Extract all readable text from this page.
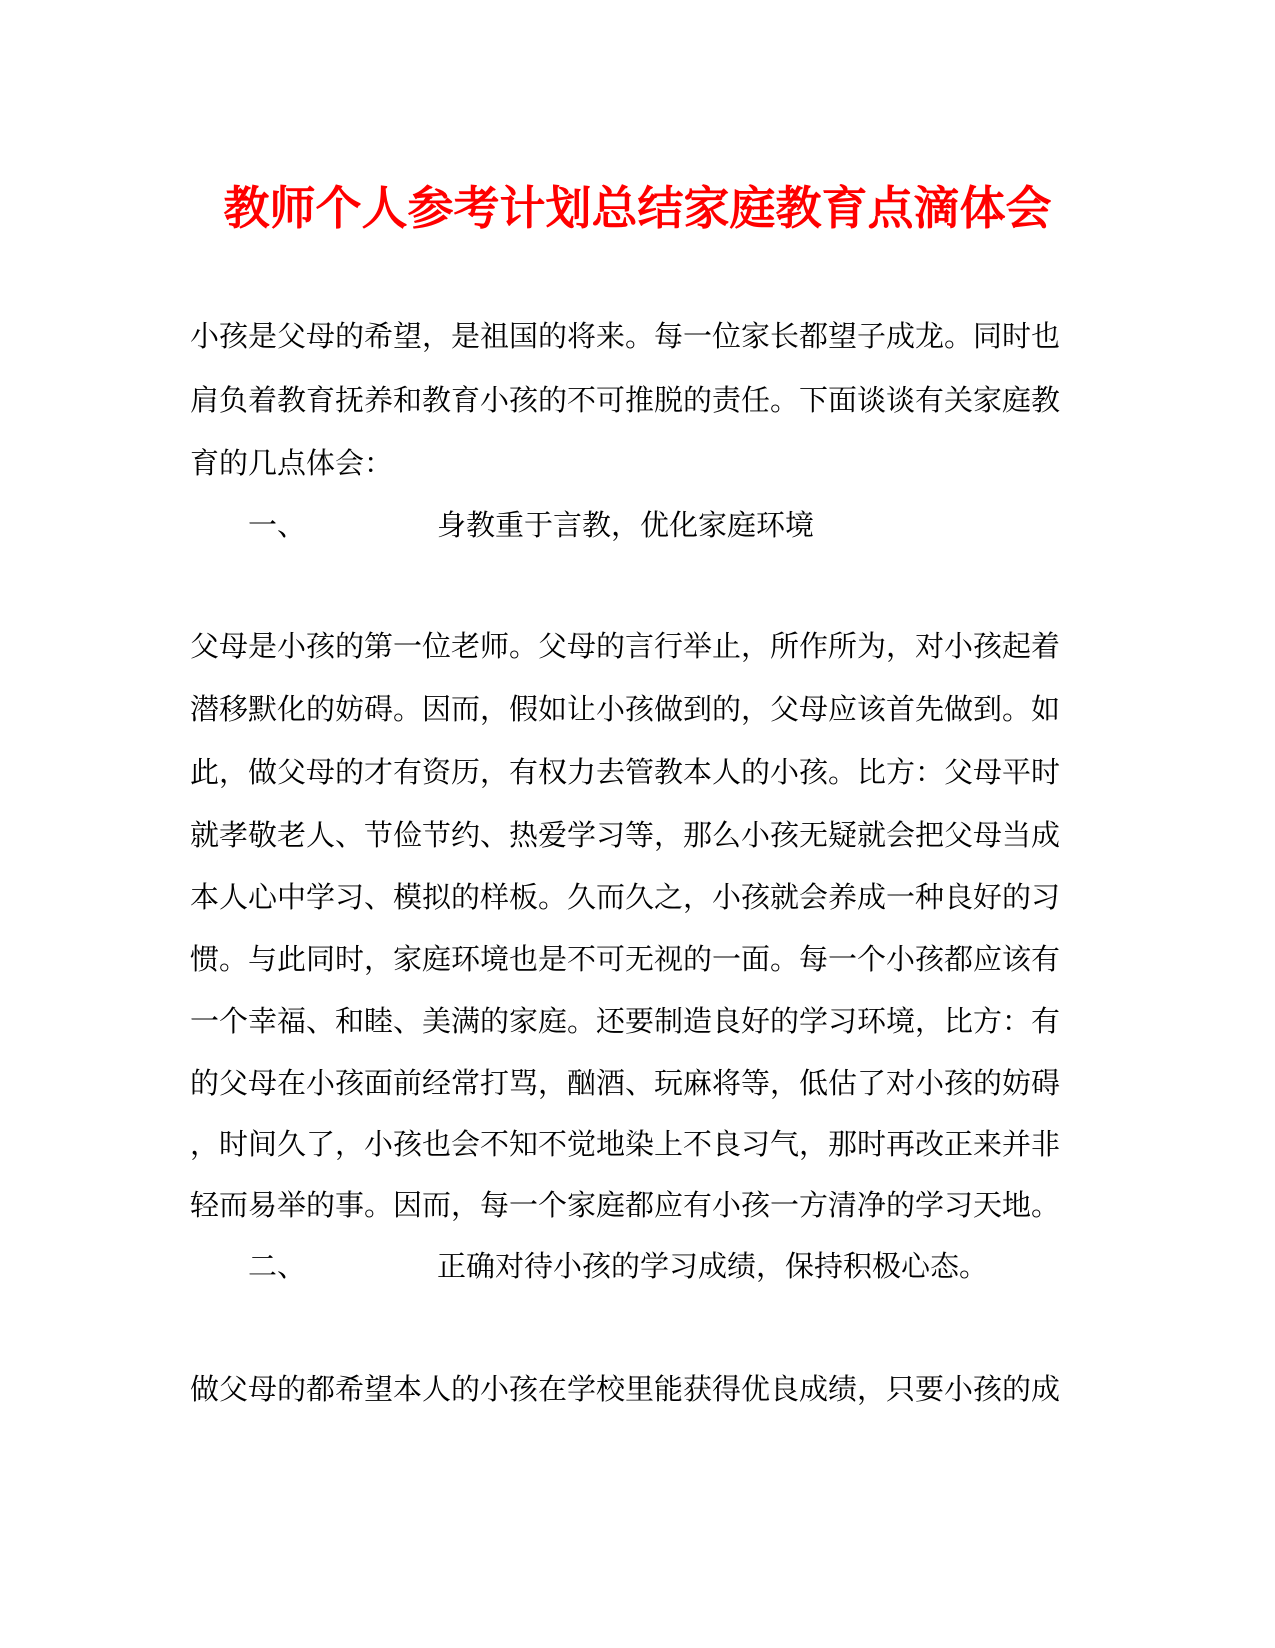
教师个人参考计划总结家庭教育点滴体会
小孩是父母的希望，是祖国的将来。每一位家长都望子成龙。同时也
肩负着教育抚养和教育小孩的不可推脱的责任。下面谈谈有关家庭教
育的几点体会：
一、	身教重于言教，优化家庭环境
父母是小孩的第一位老师。父母的言行举止，所作所为，对小孩起着
潜移默化的妨碍。因而，假如让小孩做到的，父母应该首先做到。如
此，做父母的才有资历，有权力去管教本人的小孩。比方：父母平时
就孝敬老人、节俭节约、热爱学习等，那么小孩无疑就会把父母当成
本人心中学习、模拟的样板。久而久之，小孩就会养成一种良好的习
惯。与此同时，家庭环境也是不可无视的一面。每一个小孩都应该有
一个幸福、和睦、美满的家庭。还要制造良好的学习环境，比方：有
的父母在小孩面前经常打骂，酗酒、玩麻将等，低估了对小孩的妨碍
，时间久了，小孩也会不知不觉地染上不良习气，那时再改正来并非
轻而易举的事。因而，每一个家庭都应有小孩一方清净的学习天地。
二、	正确对待小孩的学习成绩，保持积极心态。
做父母的都希望本人的小孩在学校里能获得优良成绩，只要小孩的成
